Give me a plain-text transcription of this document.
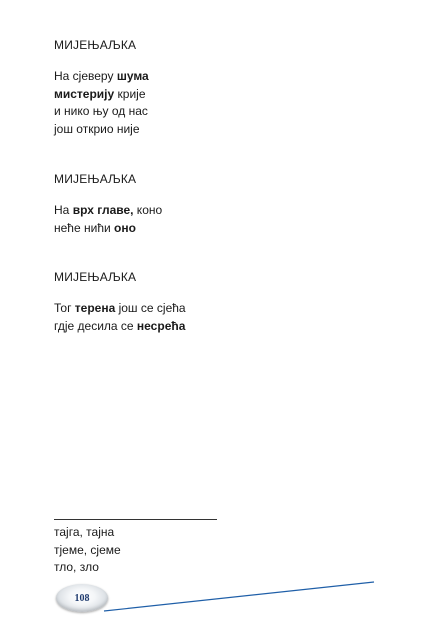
МИЈЕЊАЉКА
На сјеверу шума
мистерију крије
и нико њу од нас
још открио није
МИЈЕЊАЉКА
На врх главе, коно
неће нићи оно
МИЈЕЊАЉКА
Тог терена још се сјећа
гдје десила се несрећа
тајга, тајна
тјеме, сјеме
тло, зло
108
